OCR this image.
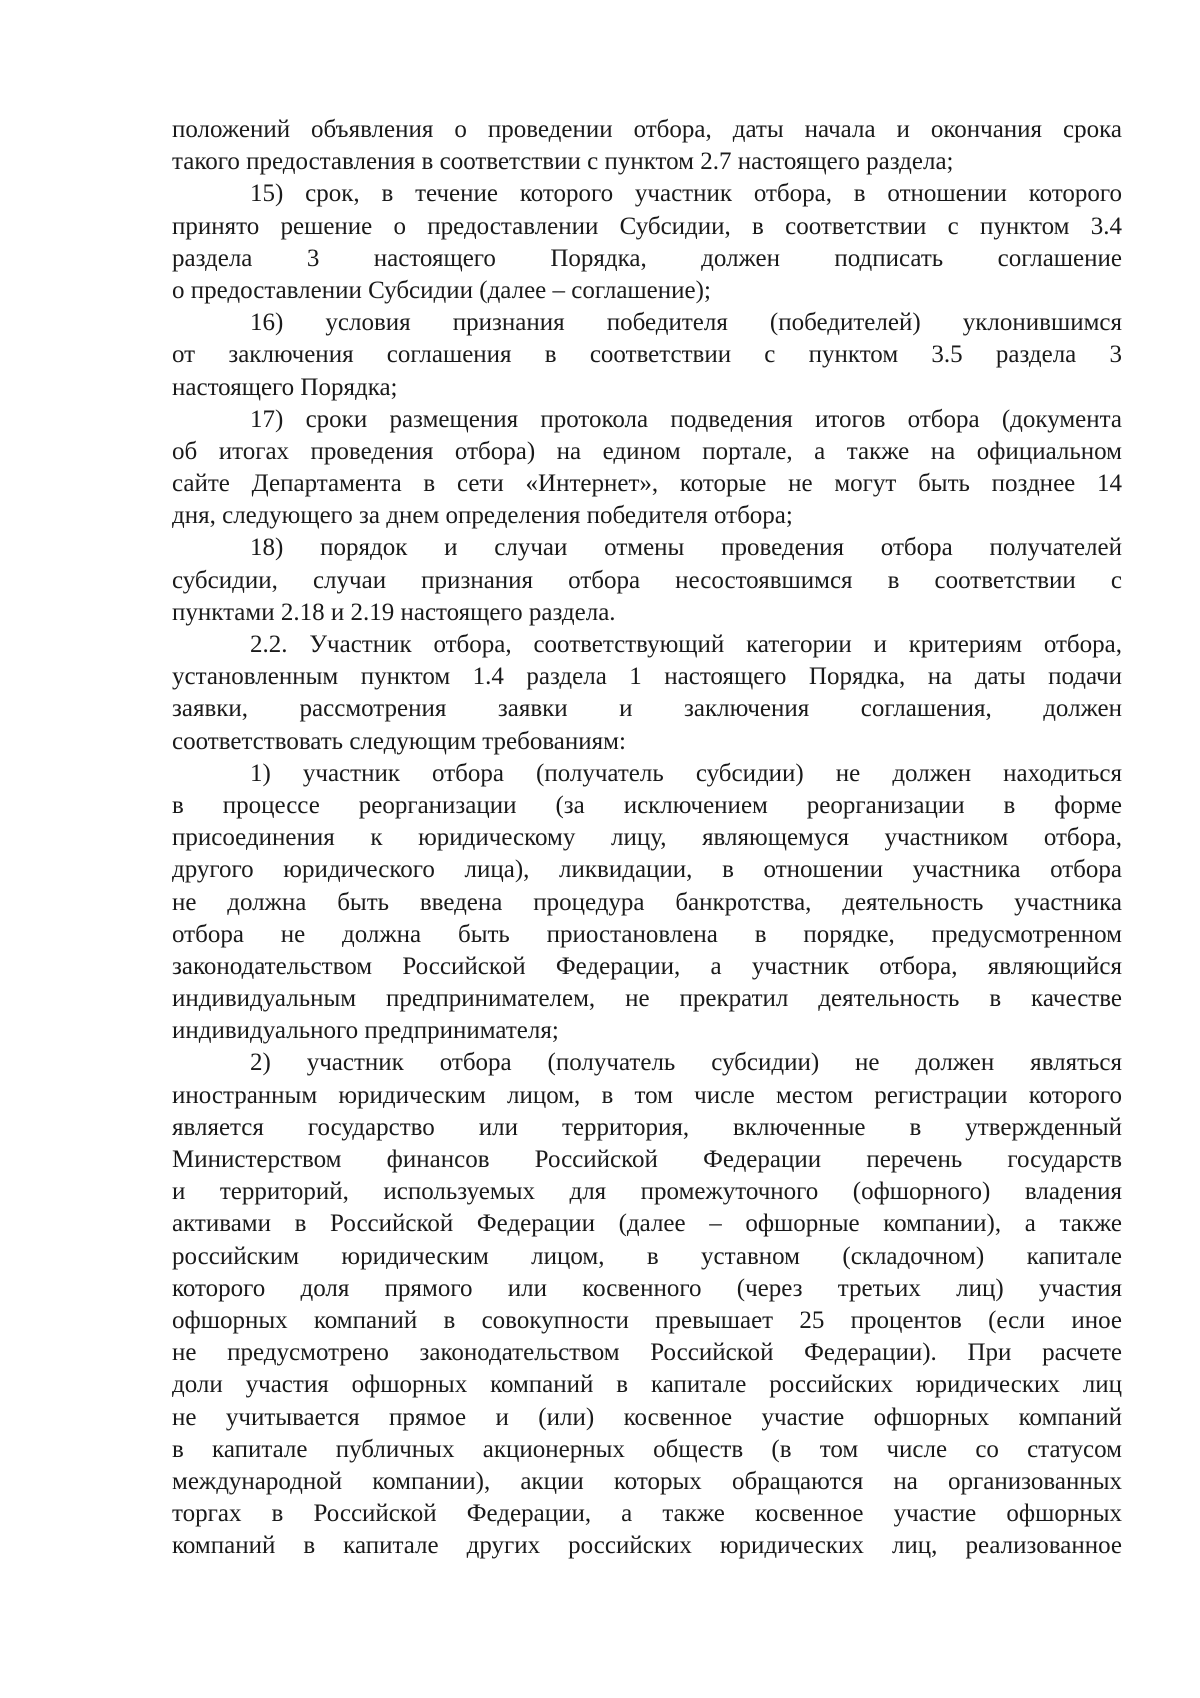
положений объявления о проведении отбора, даты начала и окончания срока
такого предоставления в соответствии с пунктом 2.7 настоящего раздела;
15) срок, в течение которого участник отбора, в отношении которого
принято решение о предоставлении Субсидии, в соответствии с пунктом 3.4
раздела 3 настоящего Порядка, должен подписать соглашение
о предоставлении Субсидии (далее – соглашение);
16) условия признания победителя (победителей) уклонившимся
от заключения соглашения в соответствии с пунктом 3.5 раздела 3
настоящего Порядка;
17) сроки размещения протокола подведения итогов отбора (документа
об итогах проведения отбора) на едином портале, а также на официальном
сайте Департамента в сети «Интернет», которые не могут быть позднее 14
дня, следующего за днем определения победителя отбора;
18) порядок и случаи отмены проведения отбора получателей
субсидии, случаи признания отбора несостоявшимся в соответствии с
пунктами 2.18 и 2.19 настоящего раздела.
2.2. Участник отбора, соответствующий категории и критериям отбора,
установленным пунктом 1.4 раздела 1 настоящего Порядка, на даты подачи
заявки, рассмотрения заявки и заключения соглашения, должен
соответствовать следующим требованиям:
1) участник отбора (получатель субсидии) не должен находиться
в процессе реорганизации (за исключением реорганизации в форме
присоединения к юридическому лицу, являющемуся участником отбора,
другого юридического лица), ликвидации, в отношении участника отбора
не должна быть введена процедура банкротства, деятельность участника
отбора не должна быть приостановлена в порядке, предусмотренном
законодательством Российской Федерации, а участник отбора, являющийся
индивидуальным предпринимателем, не прекратил деятельность в качестве
индивидуального предпринимателя;
2) участник отбора (получатель субсидии) не должен являться
иностранным юридическим лицом, в том числе местом регистрации которого
является государство или территория, включенные в утвержденный
Министерством финансов Российской Федерации перечень государств
и территорий, используемых для промежуточного (офшорного) владения
активами в Российской Федерации (далее – офшорные компании), а также
российским юридическим лицом, в уставном (складочном) капитале
которого доля прямого или косвенного (через третьих лиц) участия
офшорных компаний в совокупности превышает 25 процентов (если иное
не предусмотрено законодательством Российской Федерации). При расчете
доли участия офшорных компаний в капитале российских юридических лиц
не учитывается прямое и (или) косвенное участие офшорных компаний
в капитале публичных акционерных обществ (в том числе со статусом
международной компании), акции которых обращаются на организованных
торгах в Российской Федерации, а также косвенное участие офшорных
компаний в капитале других российских юридических лиц, реализованное
